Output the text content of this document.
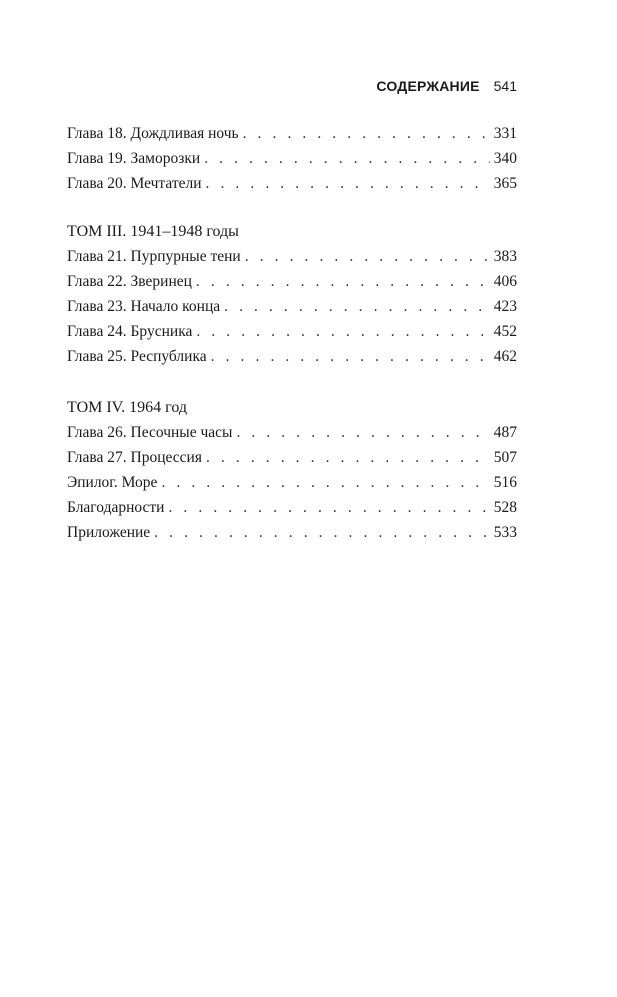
СОДЕРЖАНИЕ 541
Глава 18. Дождливая ночь . . .	331
Глава 19. Заморозки . . .	340
Глава 20. Мечтатели . . .	365
ТОМ III. 1941–1948 годы
Глава 21. Пурпурные тени . . .	383
Глава 22. Зверинец . . .	406
Глава 23. Начало конца . . .	423
Глава 24. Брусника . . .	452
Глава 25. Республика . . .	462
ТОМ IV. 1964 год
Глава 26. Песочные часы . . .	487
Глава 27. Процессия . . .	507
Эпилог. Море . . .	516
Благодарности . . .	528
Приложение . . .	533
